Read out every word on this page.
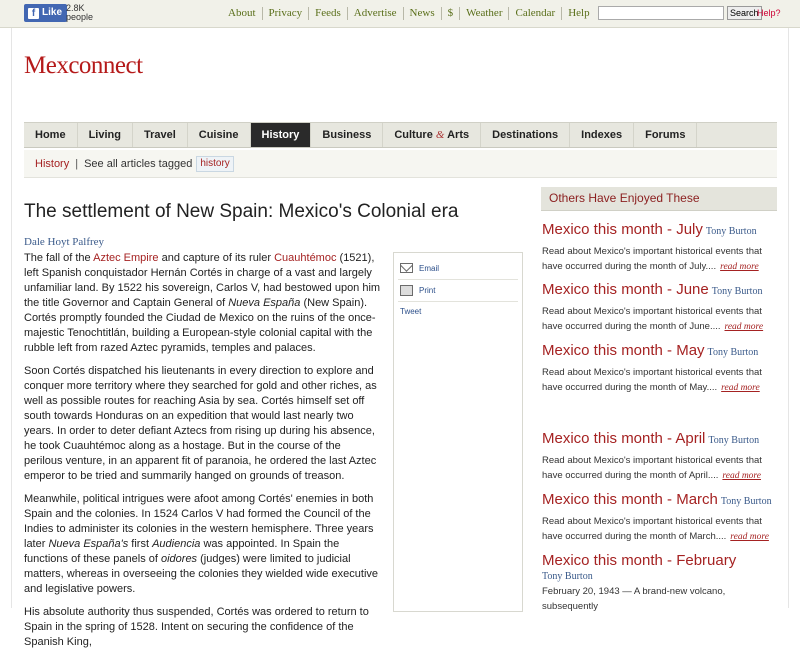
f Like 2.8K
people	About	Privacy	Feeds	Advertise	News	$	Weather	Calendar	Help	Search
Help?
Mexconnect
Home	Living	Travel	Cuisine	History	Business	Culture & Arts	Destinations	Indexes	Forums
History | See all articles tagged history
The settlement of New Spain: Mexico's Colonial era
Dale Hoyt Palfrey

The fall of the Aztec Empire and capture of its ruler Cuauhtémoc (1521), left Spanish conquistador Hernán Cortés in charge of a vast and largely unfamiliar land. By 1522 his sovereign, Carlos V, had bestowed upon him the title Governor and Captain General of Nueva España (New Spain). Cortés promptly founded the Ciudad de Mexico on the ruins of the once-majestic Tenochtitlán, building a European-style colonial capital with the rubble left from razed Aztec pyramids, temples and palaces.

Soon Cortés dispatched his lieutenants in every direction to explore and conquer more territory where they searched for gold and other riches, as well as possible routes for reaching Asia by sea. Cortés himself set off south towards Honduras on an expedition that would last nearly two years. In order to deter defiant Aztecs from rising up during his absence, he took Cuauhtémoc along as a hostage. But in the course of the perilous venture, in an apparent fit of paranoia, he ordered the last Aztec emperor to be tried and summarily hanged on grounds of treason.

Meanwhile, political intrigues were afoot among Cortés' enemies in both Spain and the colonies. In 1524 Carlos V had formed the Council of the Indies to administer its colonies in the western hemisphere. Three years later Nueva España's first Audiencia was appointed. In Spain the functions of these panels of oidores (judges) were limited to judicial matters, whereas in overseeing the colonies they wielded wide executive and legislative powers.

His absolute authority thus suspended, Cortés was ordered to return to Spain in the spring of 1528. Intent on securing the confidence of the Spanish King,

Email
Print
Tweet
Others Have Enjoyed These
Mexico this month - July Tony Burton
Read about Mexico's important historical events that have occurred during the month of July.... read more
Mexico this month - June Tony Burton
Read about Mexico's important historical events that have occurred during the month of June.... read more
Mexico this month - May Tony Burton
Read about Mexico's important historical events that have occurred during the month of May.... read more
Mexico this month - April Tony Burton
Read about Mexico's important historical events that have occurred during the month of April.... read more
Mexico this month - March Tony Burton
Read about Mexico's important historical events that have occurred during the month of March.... read more
Mexico this month - February
Tony Burton
February 20, 1943 — A brand-new volcano, subsequently
